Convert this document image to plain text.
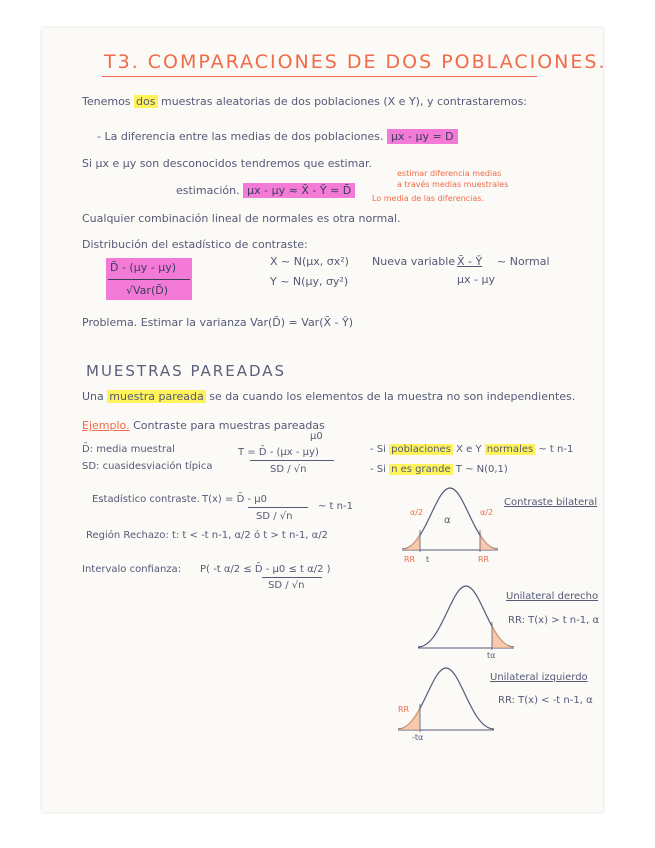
T3. COMPARACIONES DE DOS POBLACIONES.
Tenemos dos muestras aleatorias de dos poblaciones (X e Y), y contrastaremos:
- La diferencia entre las medias de dos poblaciones. μx - μy = D
Si μx e μy son desconocidos tendremos que estimar.
estimación. μx - μy ≈ X̄ - Ȳ ≈ D̄
estimar diferencia medias
a través medias muestrales
Lo media de las diferencias.
Cualquier combinación lineal de normales es otra normal.
Distribución del estadístico de contraste:
D̄ - (μy - μy)
√Var(D̄)
X ~ N(μx, σx²)
Y ~ N(μy, σy²)
Nueva variable X̄ - Ȳ ~ Normal
μx - μy
Problema. Estimar la varianza Var(D̄) = Var(X̄ - Ȳ)
MUESTRAS PAREADAS
Una muestra pareada se da cuando los elementos de la muestra no son independientes.
Ejemplo. Contraste para muestras pareadas
D̄: media muestral
SD: cuasidesviación típica
μ0
T = D̄ - (μx - μy)
SD / √n
- Si poblaciones X e Y normales ~ t n-1
- Si n es grande T ~ N(0,1)
Estadístico contraste. T(x) = D̄ - μ0
SD / √n
~ t n-1
Región Rechazo: t: t < -t n-1, α/2 ó t > t n-1, α/2
Intervalo confianza: P( -t α/2 ≤ D̄ - μ0 ≤ t α/2 )
SD / √n
α
α/2	α/2
RR	RR
t
Contraste bilateral
tα
Unilateral derecho
RR: T(x) > t n-1, α
RR
-tα
Unilateral izquierdo
RR: T(x) < -t n-1, α
